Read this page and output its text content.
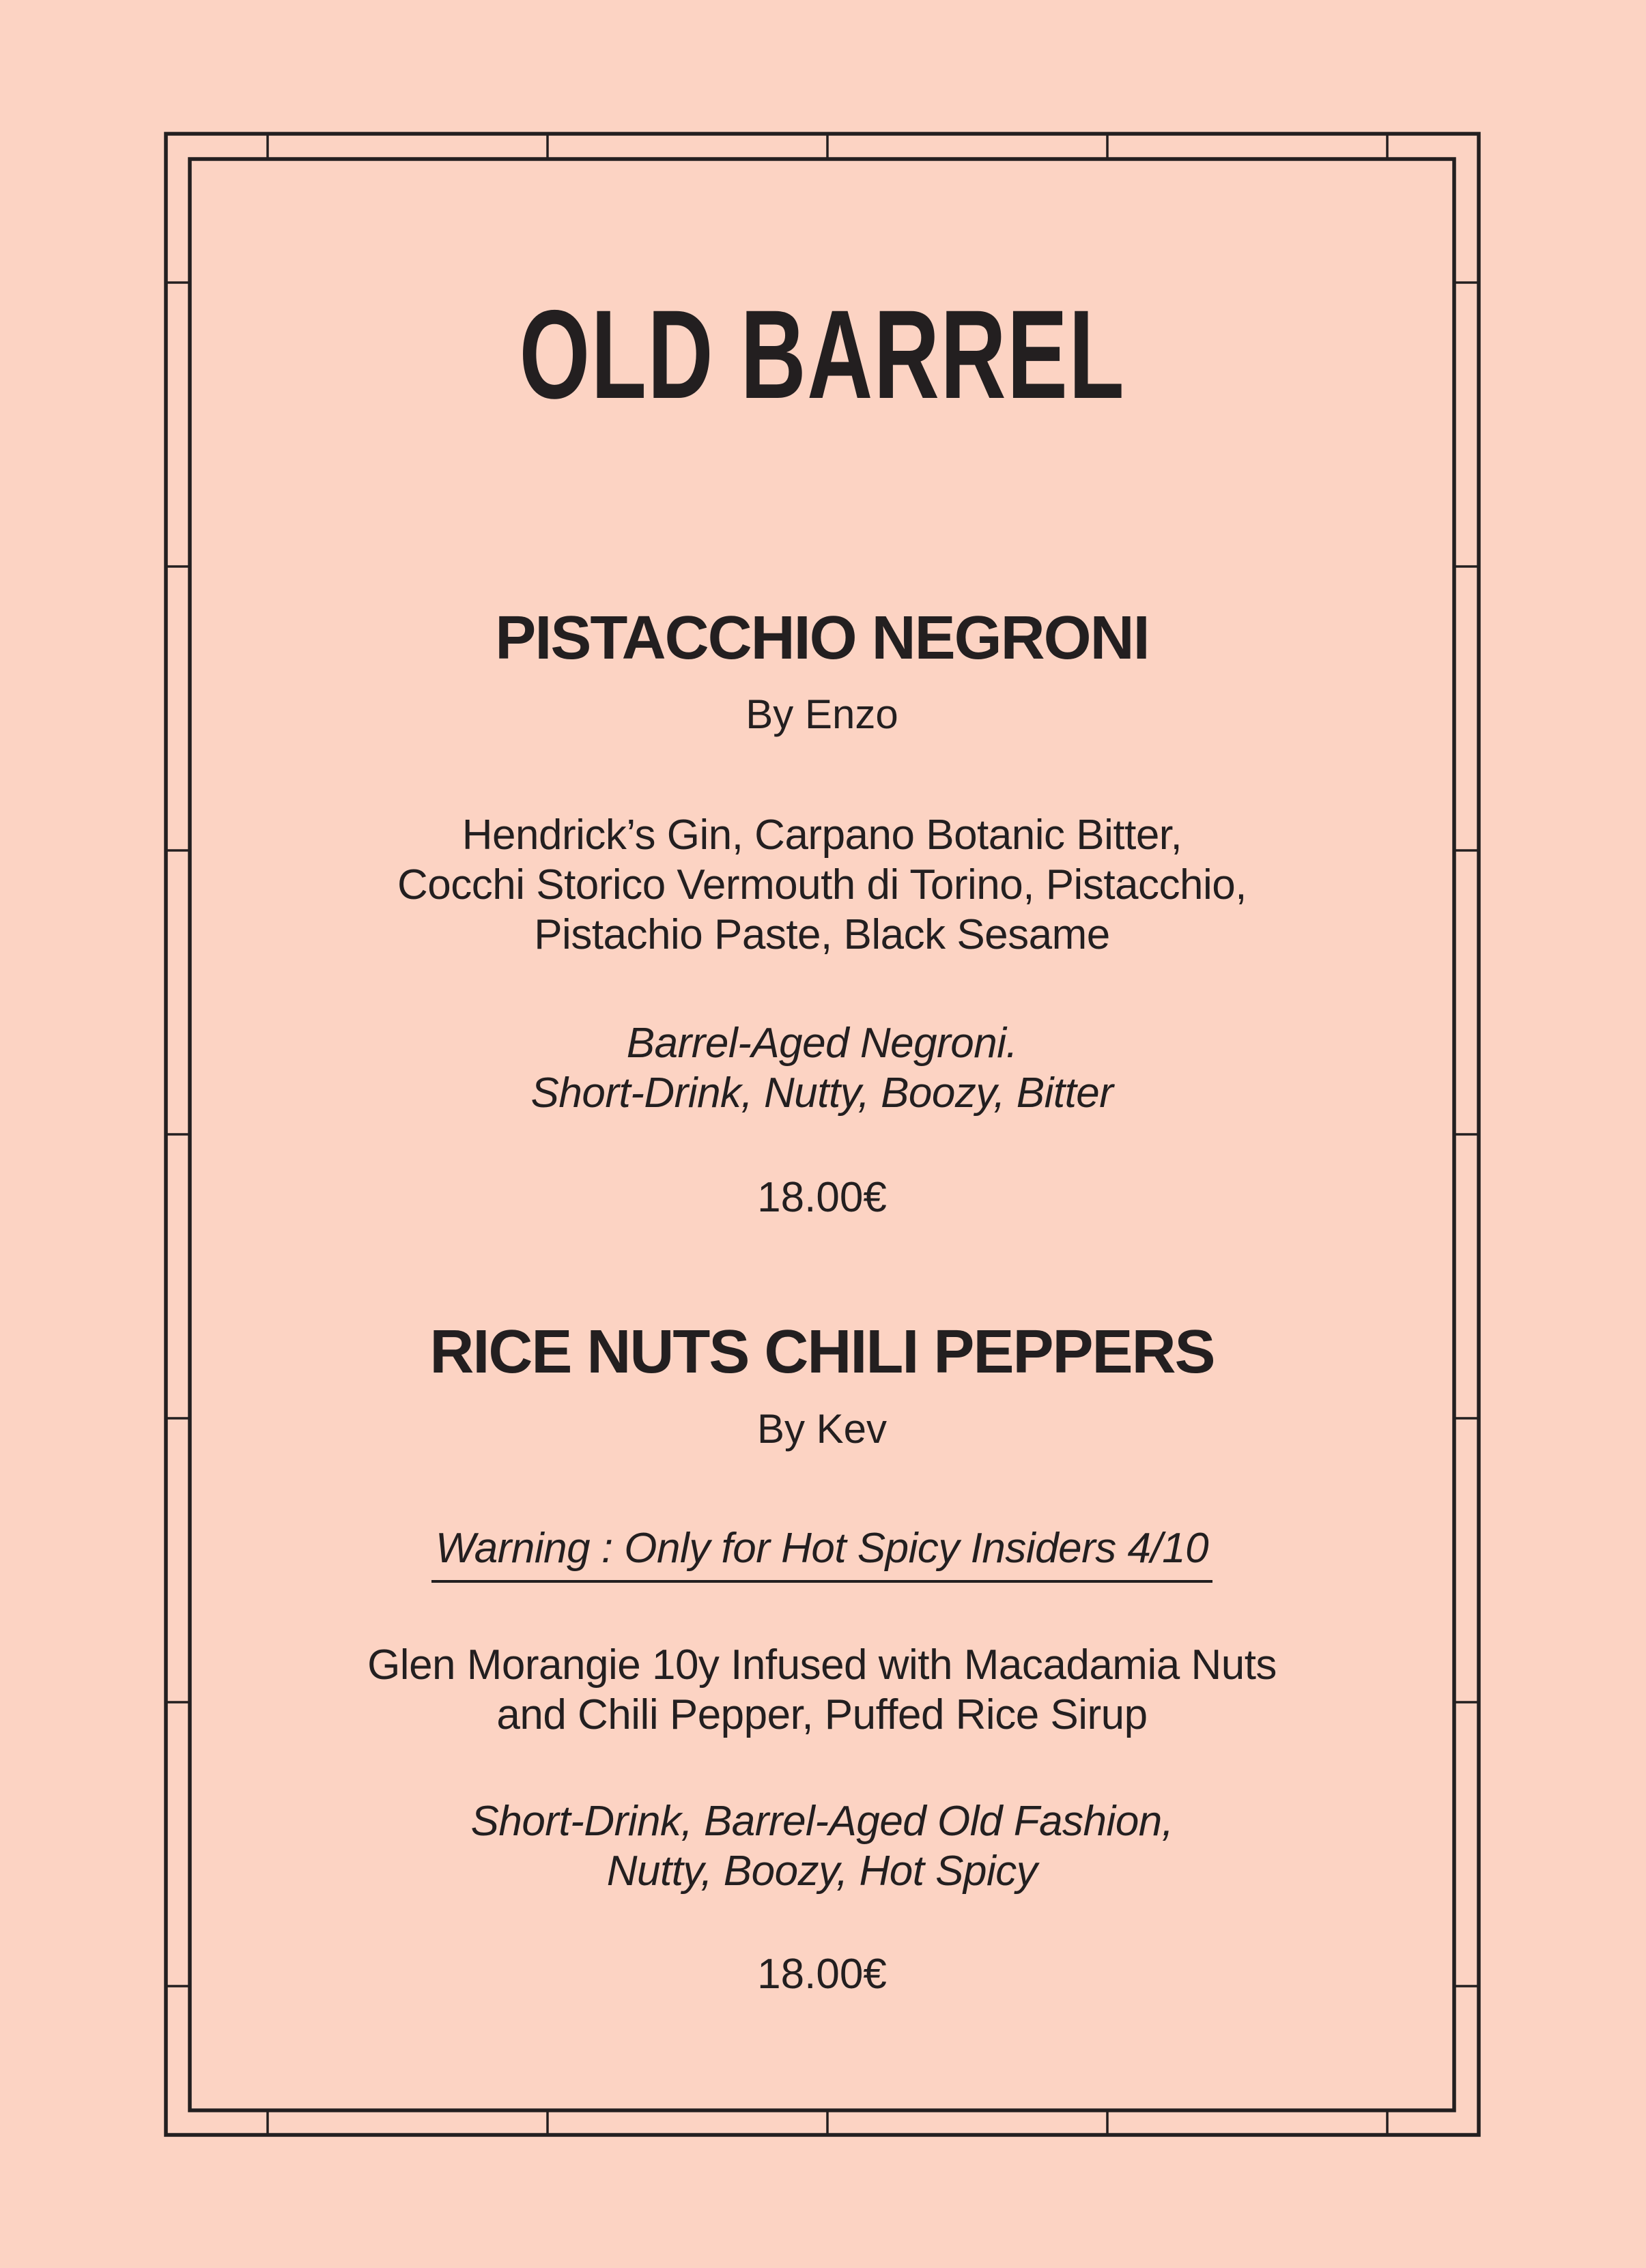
OLD BARREL
PISTACCHIO NEGRONI

By Enzo

Hendrick’s Gin, Carpano Botanic Bitter,

Cocchi Storico Vermouth di Torino, Pistacchio,

Pistachio Paste, Black Sesame

Barrel-Aged Negroni.

Short-Drink, Nutty, Boozy, Bitter

18.00€

RICE NUTS CHILI PEPPERS

By Kev

Warning : Only for Hot Spicy Insiders 4/10

Glen Morangie 10y Infused with Macadamia Nuts

and Chili Pepper, Puffed Rice Sirup

Short-Drink, Barrel-Aged Old Fashion,

Nutty, Boozy, Hot Spicy

18.00€
